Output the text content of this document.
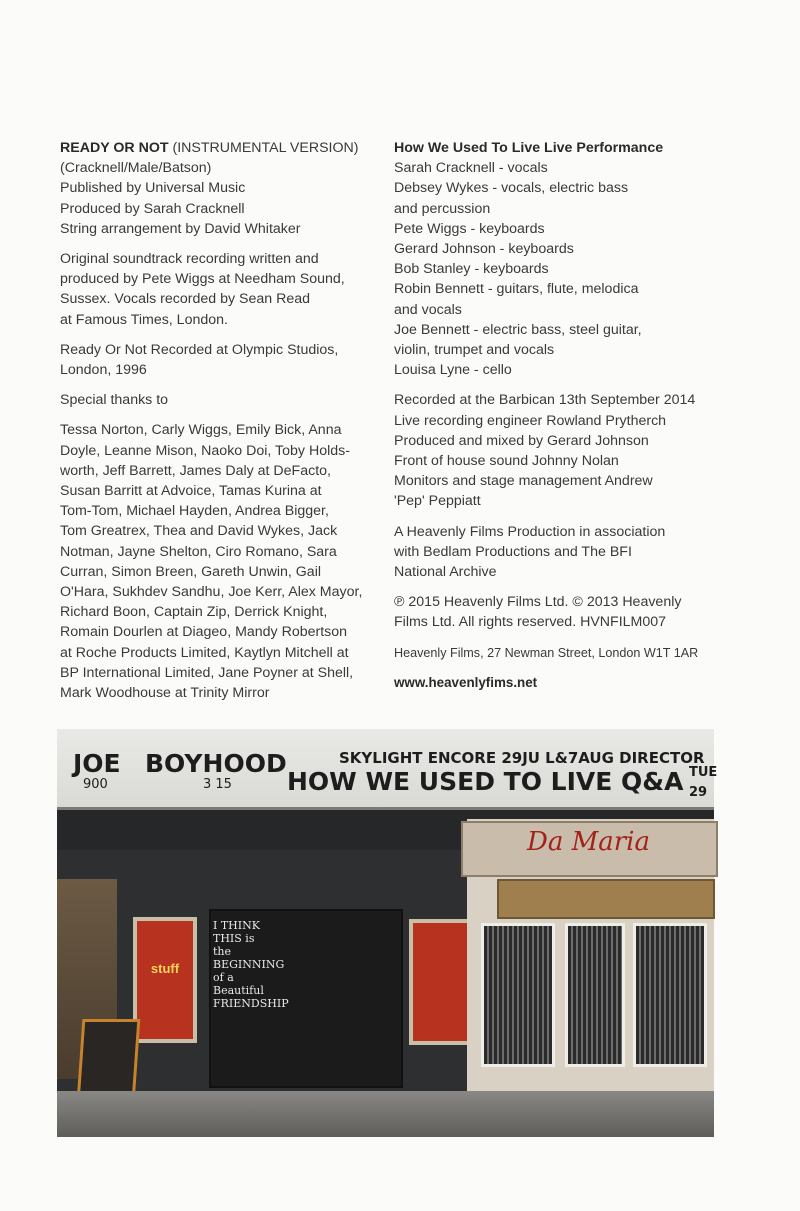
READY OR NOT (INSTRUMENTAL VERSION)
(Cracknell/Male/Batson)
Published by Universal Music
Produced by Sarah Cracknell
String arrangement by David Whitaker
Original soundtrack recording written and
produced by Pete Wiggs at Needham Sound,
Sussex. Vocals recorded by Sean Read
at Famous Times, London.
Ready Or Not Recorded at Olympic Studios,
London, 1996
Special thanks to
Tessa Norton, Carly Wiggs, Emily Bick, Anna
Doyle, Leanne Mison, Naoko Doi, Toby Holds-
worth, Jeff Barrett, James Daly at DeFacto,
Susan Barritt at Advoice, Tamas Kurina at
Tom-Tom, Michael Hayden, Andrea Bigger,
Tom Greatrex, Thea and David Wykes, Jack
Notman, Jayne Shelton, Ciro Romano, Sara
Curran, Simon Breen, Gareth Unwin, Gail
O'Hara, Sukhdev Sandhu, Joe Kerr, Alex Mayor,
Richard Boon, Captain Zip, Derrick Knight,
Romain Dourlen at Diageo, Mandy Robertson
at Roche Products Limited, Kaytlyn Mitchell at
BP International Limited, Jane Poyner at Shell,
Mark Woodhouse at Trinity Mirror
How We Used To Live Live Performance
Sarah Cracknell - vocals
Debsey Wykes - vocals, electric bass
and percussion
Pete Wiggs - keyboards
Gerard Johnson - keyboards
Bob Stanley - keyboards
Robin Bennett - guitars, flute, melodica
and vocals
Joe Bennett - electric bass, steel guitar,
violin, trumpet and vocals
Louisa Lyne - cello
Recorded at the Barbican 13th September 2014
Live recording engineer Rowland Prytherch
Produced and mixed by Gerard Johnson
Front of house sound Johnny Nolan
Monitors and stage management Andrew
'Pep' Peppiatt
A Heavenly Films Production in association
with Bedlam Productions and The BFI
National Archive
℗ 2015 Heavenly Films Ltd. © 2013 Heavenly
Films Ltd. All rights reserved. HVNFILM007
Heavenly Films, 27 Newman Street, London W1T 1AR
www.heavenlyfims.net
JOE
900
BOYHOOD
3 15
SKYLIGHT ENCORE 29JU L&7AUG DIRECTOR
HOW WE USED TO LIVE Q&A TUE
29
I THINK THIS is the BEGINNING of a Beautiful FRIENDSHIP
stuff
Da Maria
